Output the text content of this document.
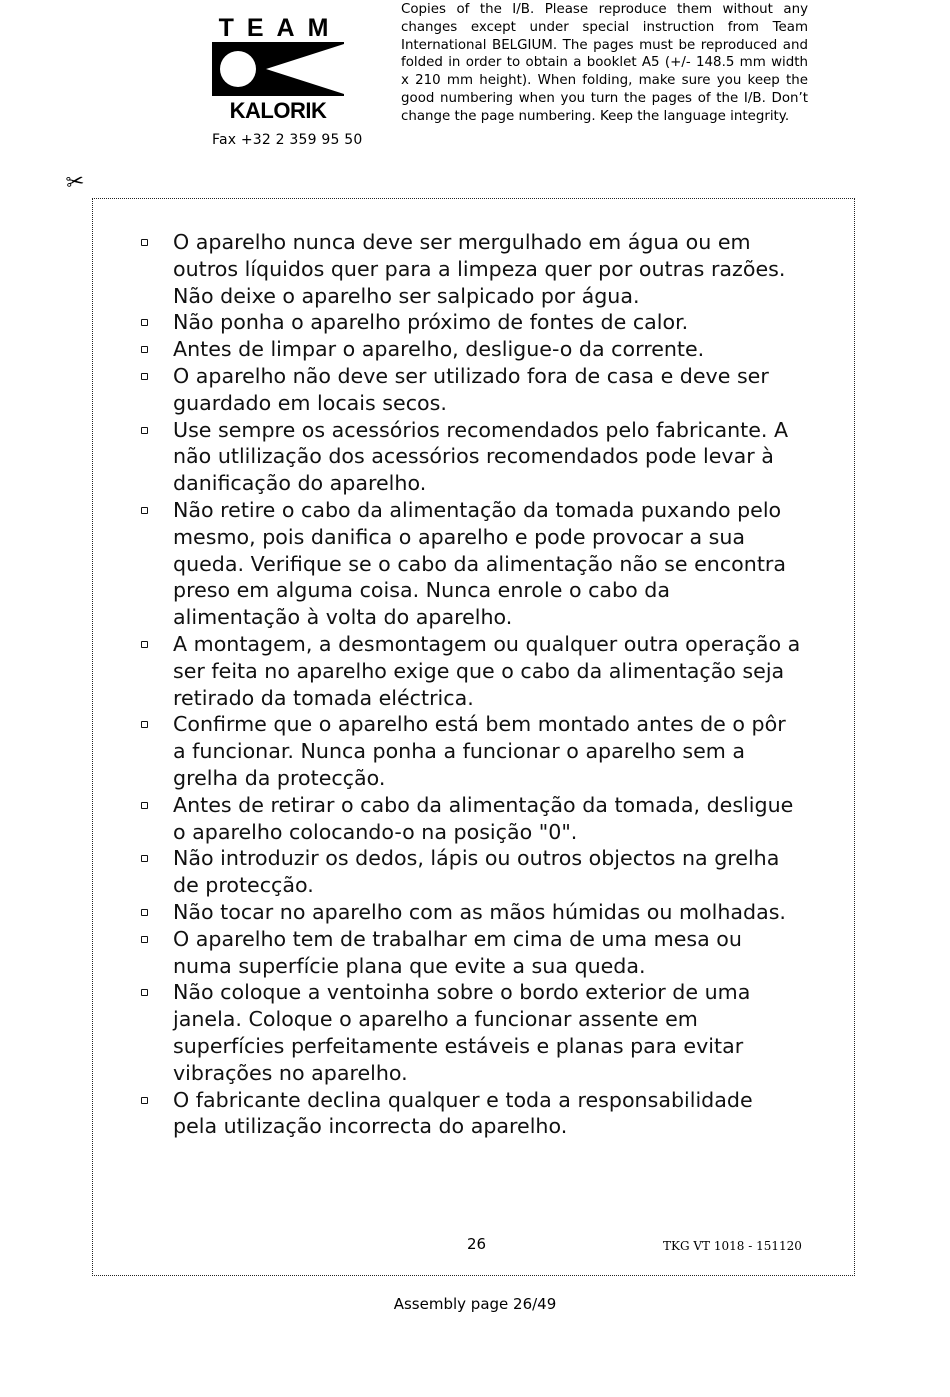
TEAM
KALORIK
Fax +32 2 359 95 50
Copies of the I/B. Please reproduce them without any changes except under special instruction from Team International BELGIUM. The pages must be reproduced and folded in order to obtain a booklet A5 (+/- 148.5 mm width x 210 mm height). When folding, make sure you keep the good numbering when you turn the pages of the I/B. Don’t change the page numbering. Keep the language integrity.
✂
O aparelho nunca deve ser mergulhado em água ou em outros líquidos quer para a limpeza quer por outras razões. Não deixe o aparelho ser salpicado por água.
Não ponha o aparelho próximo de fontes de calor.
Antes de limpar o aparelho, desligue-o da corrente.
O aparelho não deve ser utilizado fora de casa e deve ser guardado em locais secos.
Use sempre os acessórios recomendados pelo fabricante. A não utlilização dos acessórios recomendados pode levar à danificação do aparelho.
Não retire o cabo da alimentação da tomada puxando pelo mesmo, pois danifica o aparelho e pode provocar a sua queda. Verifique se o cabo da alimentação não se encontra preso em alguma coisa. Nunca enrole o cabo da alimentação à volta do aparelho.
A montagem, a desmontagem ou qualquer outra operação a ser feita no aparelho exige que o cabo da alimentação seja retirado da tomada eléctrica.
Confirme que o aparelho está bem montado antes de o pôr a funcionar. Nunca ponha a funcionar o aparelho sem a grelha da protecção.
Antes de retirar o cabo da alimentação da tomada, desligue o aparelho colocando-o na posição "0".
Não introduzir os dedos, lápis ou outros objectos na grelha de protecção.
Não tocar no aparelho com as mãos húmidas ou molhadas.
O aparelho tem de trabalhar em cima de uma mesa ou numa superfície plana que evite a sua queda.
Não coloque a ventoinha sobre o bordo exterior de uma janela. Coloque o aparelho a funcionar assente em superfícies perfeitamente estáveis e planas para evitar vibrações no aparelho.
O fabricante declina qualquer e toda a responsabilidade pela utilização incorrecta do aparelho.
26	TKG VT 1018 - 151120
Assembly page 26/49
